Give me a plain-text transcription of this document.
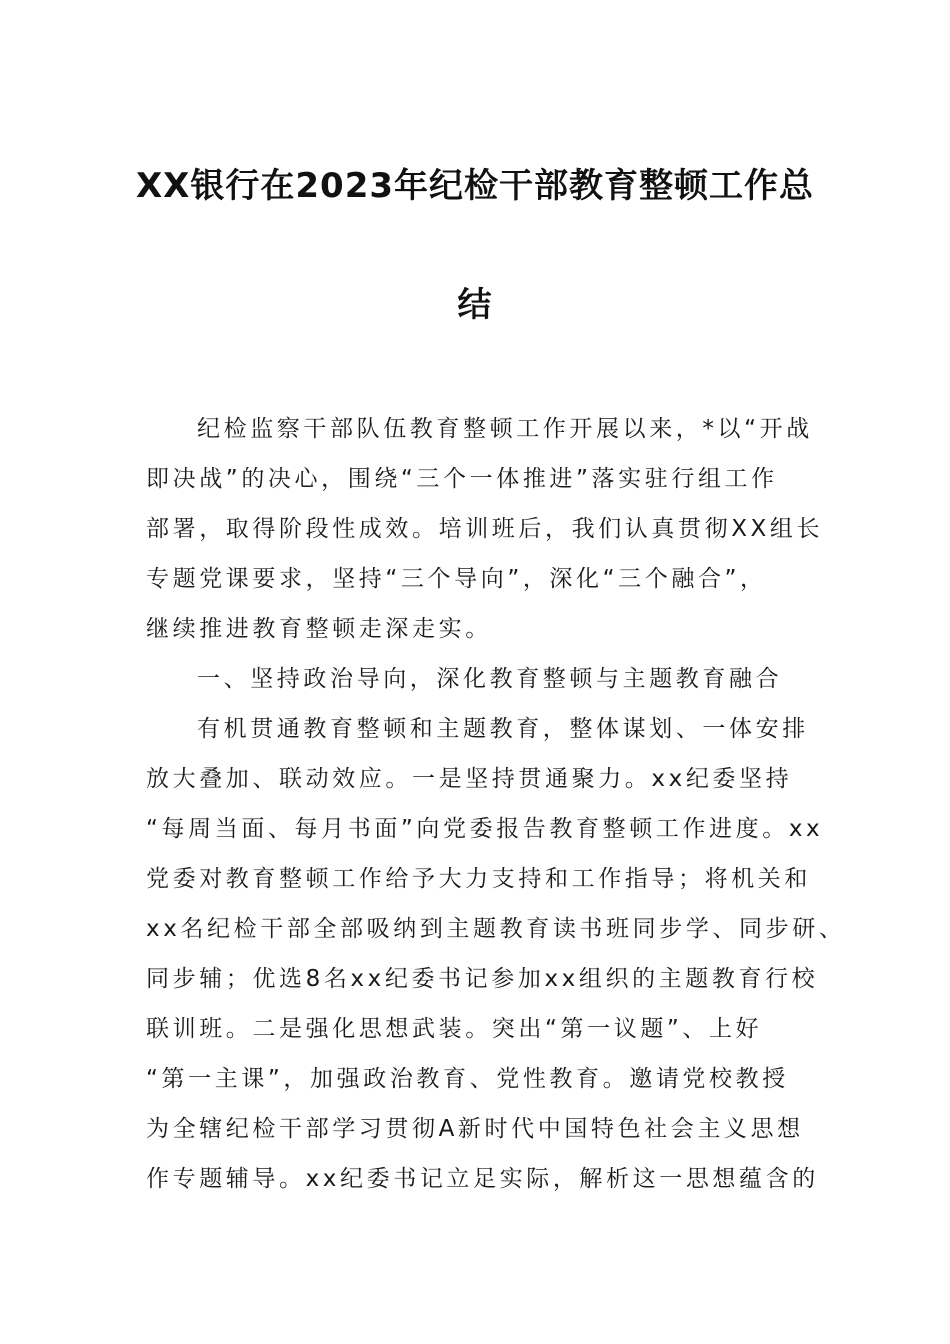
XX银行在2023年纪检干部教育整顿工作总
结
纪检监察干部队伍教育整顿工作开展以来，*以“开战
即决战”的决心，围绕“三个一体推进”落实驻行组工作
部署，取得阶段性成效。培训班后，我们认真贯彻XX组长
专题党课要求，坚持“三个导向”，深化“三个融合”，
继续推进教育整顿走深走实。
一、坚持政治导向，深化教育整顿与主题教育融合
有机贯通教育整顿和主题教育，整体谋划、一体安排
放大叠加、联动效应。一是坚持贯通聚力。xx纪委坚持
“每周当面、每月书面”向党委报告教育整顿工作进度。xx
党委对教育整顿工作给予大力支持和工作指导；将机关和
xx名纪检干部全部吸纳到主题教育读书班同步学、同步研、
同步辅；优选8名xx纪委书记参加xx组织的主题教育行校
联训班。二是强化思想武装。突出“第一议题”、上好
“第一主课”，加强政治教育、党性教育。邀请党校教授
为全辖纪检干部学习贯彻A新时代中国特色社会主义思想
作专题辅导。xx纪委书记立足实际，解析这一思想蕴含的
